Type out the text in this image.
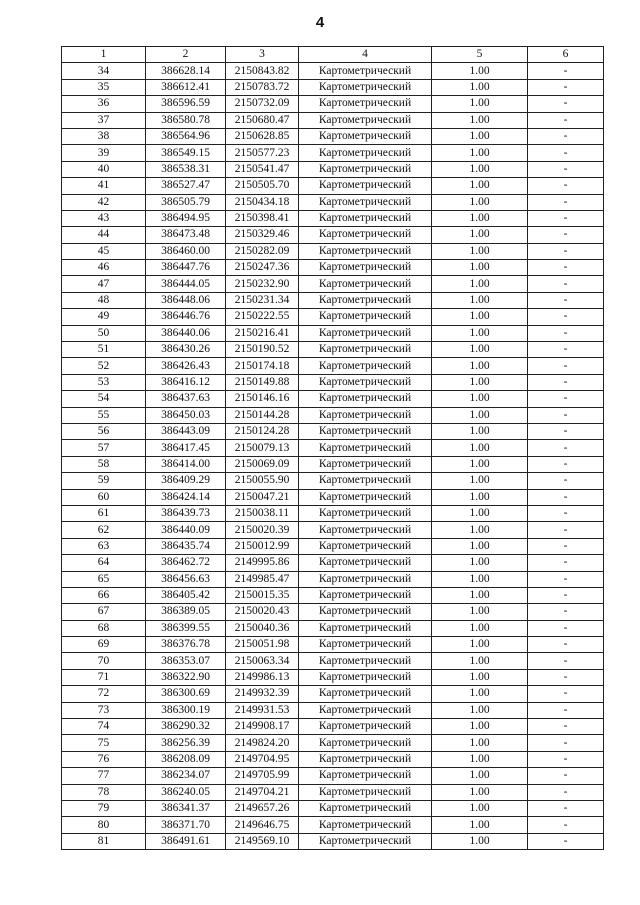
4
1	2	3	4	5	6
34	386628.14	2150843.82	Картометрический	1.00	-
35	386612.41	2150783.72	Картометрический	1.00	-
36	386596.59	2150732.09	Картометрический	1.00	-
37	386580.78	2150680.47	Картометрический	1.00	-
38	386564.96	2150628.85	Картометрический	1.00	-
39	386549.15	2150577.23	Картометрический	1.00	-
40	386538.31	2150541.47	Картометрический	1.00	-
41	386527.47	2150505.70	Картометрический	1.00	-
42	386505.79	2150434.18	Картометрический	1.00	-
43	386494.95	2150398.41	Картометрический	1.00	-
44	386473.48	2150329.46	Картометрический	1.00	-
45	386460.00	2150282.09	Картометрический	1.00	-
46	386447.76	2150247.36	Картометрический	1.00	-
47	386444.05	2150232.90	Картометрический	1.00	-
48	386448.06	2150231.34	Картометрический	1.00	-
49	386446.76	2150222.55	Картометрический	1.00	-
50	386440.06	2150216.41	Картометрический	1.00	-
51	386430.26	2150190.52	Картометрический	1.00	-
52	386426.43	2150174.18	Картометрический	1.00	-
53	386416.12	2150149.88	Картометрический	1.00	-
54	386437.63	2150146.16	Картометрический	1.00	-
55	386450.03	2150144.28	Картометрический	1.00	-
56	386443.09	2150124.28	Картометрический	1.00	-
57	386417.45	2150079.13	Картометрический	1.00	-
58	386414.00	2150069.09	Картометрический	1.00	-
59	386409.29	2150055.90	Картометрический	1.00	-
60	386424.14	2150047.21	Картометрический	1.00	-
61	386439.73	2150038.11	Картометрический	1.00	-
62	386440.09	2150020.39	Картометрический	1.00	-
63	386435.74	2150012.99	Картометрический	1.00	-
64	386462.72	2149995.86	Картометрический	1.00	-
65	386456.63	2149985.47	Картометрический	1.00	-
66	386405.42	2150015.35	Картометрический	1.00	-
67	386389.05	2150020.43	Картометрический	1.00	-
68	386399.55	2150040.36	Картометрический	1.00	-
69	386376.78	2150051.98	Картометрический	1.00	-
70	386353.07	2150063.34	Картометрический	1.00	-
71	386322.90	2149986.13	Картометрический	1.00	-
72	386300.69	2149932.39	Картометрический	1.00	-
73	386300.19	2149931.53	Картометрический	1.00	-
74	386290.32	2149908.17	Картометрический	1.00	-
75	386256.39	2149824.20	Картометрический	1.00	-
76	386208.09	2149704.95	Картометрический	1.00	-
77	386234.07	2149705.99	Картометрический	1.00	-
78	386240.05	2149704.21	Картометрический	1.00	-
79	386341.37	2149657.26	Картометрический	1.00	-
80	386371.70	2149646.75	Картометрический	1.00	-
81	386491.61	2149569.10	Картометрический	1.00	-
